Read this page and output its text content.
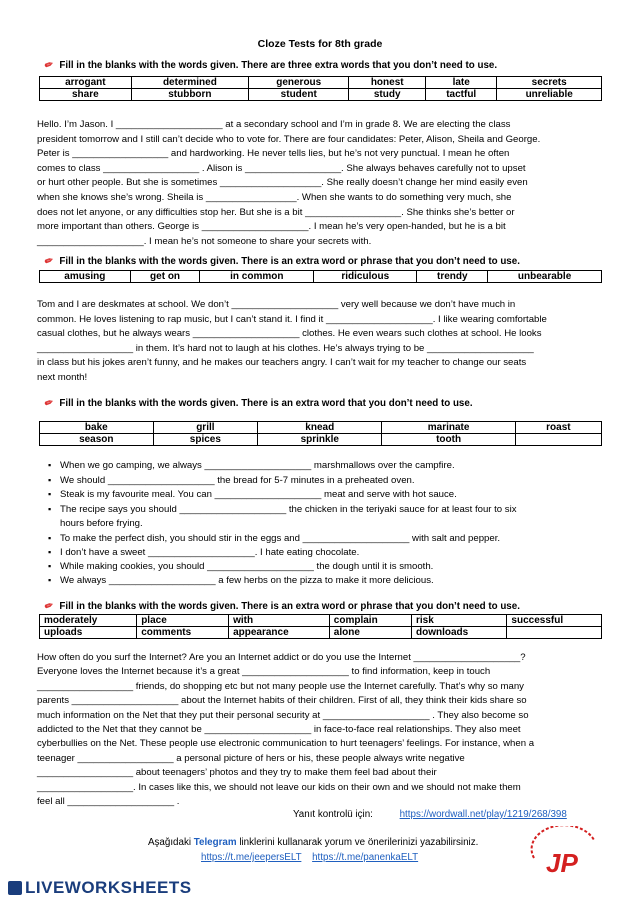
Cloze Tests for 8th grade
✏ Fill in the blanks with the words given. There are three extra words that you don’t need to use.
arrogant	determined	generous	honest	late	secrets
share	stubborn	student	study	tactful	unreliable
Hello. I’m Jason. I ____________________ at a secondary school and I’m in grade 8. We are electing the class
president tomorrow and I still can’t decide who to vote for. There are four candidates: Peter, Alison, Sheila and George.
Peter is __________________ and hardworking. He never tells lies, but he’s not very punctual. I mean he often
comes to class __________________ . Alison is __________________. She always behaves carefully not to upset
or hurt other people. But she is sometimes ___________________. She really doesn’t change her mind easily even
when she knows she’s wrong. Sheila is _________________. When she wants to do something very much, she
does not let anyone, or any difficulties stop her. But she is a bit __________________. She thinks she’s better or
more important than others. George is ____________________. I mean he’s very open-handed, but he is a bit
____________________. I mean he’s not someone to share your secrets with.
✏ Fill in the blanks with the words given. There is an extra word or phrase that you don’t need to use.
amusing	get on	in common	ridiculous	trendy	unbearable
Tom and I are deskmates at school. We don’t ____________________ very well because we don’t have much in
common. He loves listening to rap music, but I can’t stand it. I find it ____________________. I like wearing comfortable
casual clothes, but he always wears ____________________ clothes. He even wears such clothes at school. He looks
__________________ in them. It’s hard not to laugh at his clothes. He’s always trying to be ____________________
in class but his jokes aren’t funny, and he makes our teachers angry. I can’t wait for my teacher to change our seats
next month!
✏ Fill in the blanks with the words given. There is an extra word that you don’t need to use.
bake	grill	knead	marinate	roast
season	spices	sprinkle	tooth	
▪ When we go camping, we always ____________________ marshmallows over the campfire.
▪ We should ____________________ the bread for 5-7 minutes in a preheated oven.
▪ Steak is my favourite meal. You can ____________________ meat and serve with hot sauce.
▪ The recipe says you should ____________________ the chicken in the teriyaki sauce for at least four to six
hours before frying.
▪ To make the perfect dish, you should stir in the eggs and ____________________ with salt and pepper.
▪ I don’t have a sweet ____________________. I hate eating chocolate.
▪ While making cookies, you should ____________________ the dough until it is smooth.
▪ We always ____________________ a few herbs on the pizza to make it more delicious.
✏ Fill in the blanks with the words given. There is an extra word or phrase that you don’t need to use.
moderately	place	with	complain	risk	successful
uploads	comments	appearance	alone	downloads	
How often do you surf the Internet? Are you an Internet addict or do you use the Internet ____________________?
Everyone loves the Internet because it’s a great ____________________ to find information, keep in touch
__________________ friends, do shopping etc but not many people use the Internet carefully. That’s why so many
parents ____________________ about the Internet habits of their children. First of all, they think their kids share so
much information on the Net that they put their personal security at ____________________ . They also become so
addicted to the Net that they cannot be ____________________ in face-to-face real relationships. They also meet
cyberbullies on the Net. These people use electronic communication to hurt teenagers’ feelings. For instance, when a
teenager __________________ a personal picture of hers or his, these people always write negative
__________________ about teenagers’ photos and they try to make them feel bad about their
__________________. In cases like this, we should not leave our kids on their own and we should not make them
feel all ____________________ .
Yanıt kontrolü için:	https://wordwall.net/play/1219/268/398
Aşağıdaki Telegram linklerini kullanarak yorum ve önerilerinizi yazabilirsiniz.
https://t.me/jeepersELT https://t.me/panenkaELT	JP
LIVEWORKSHEETS
